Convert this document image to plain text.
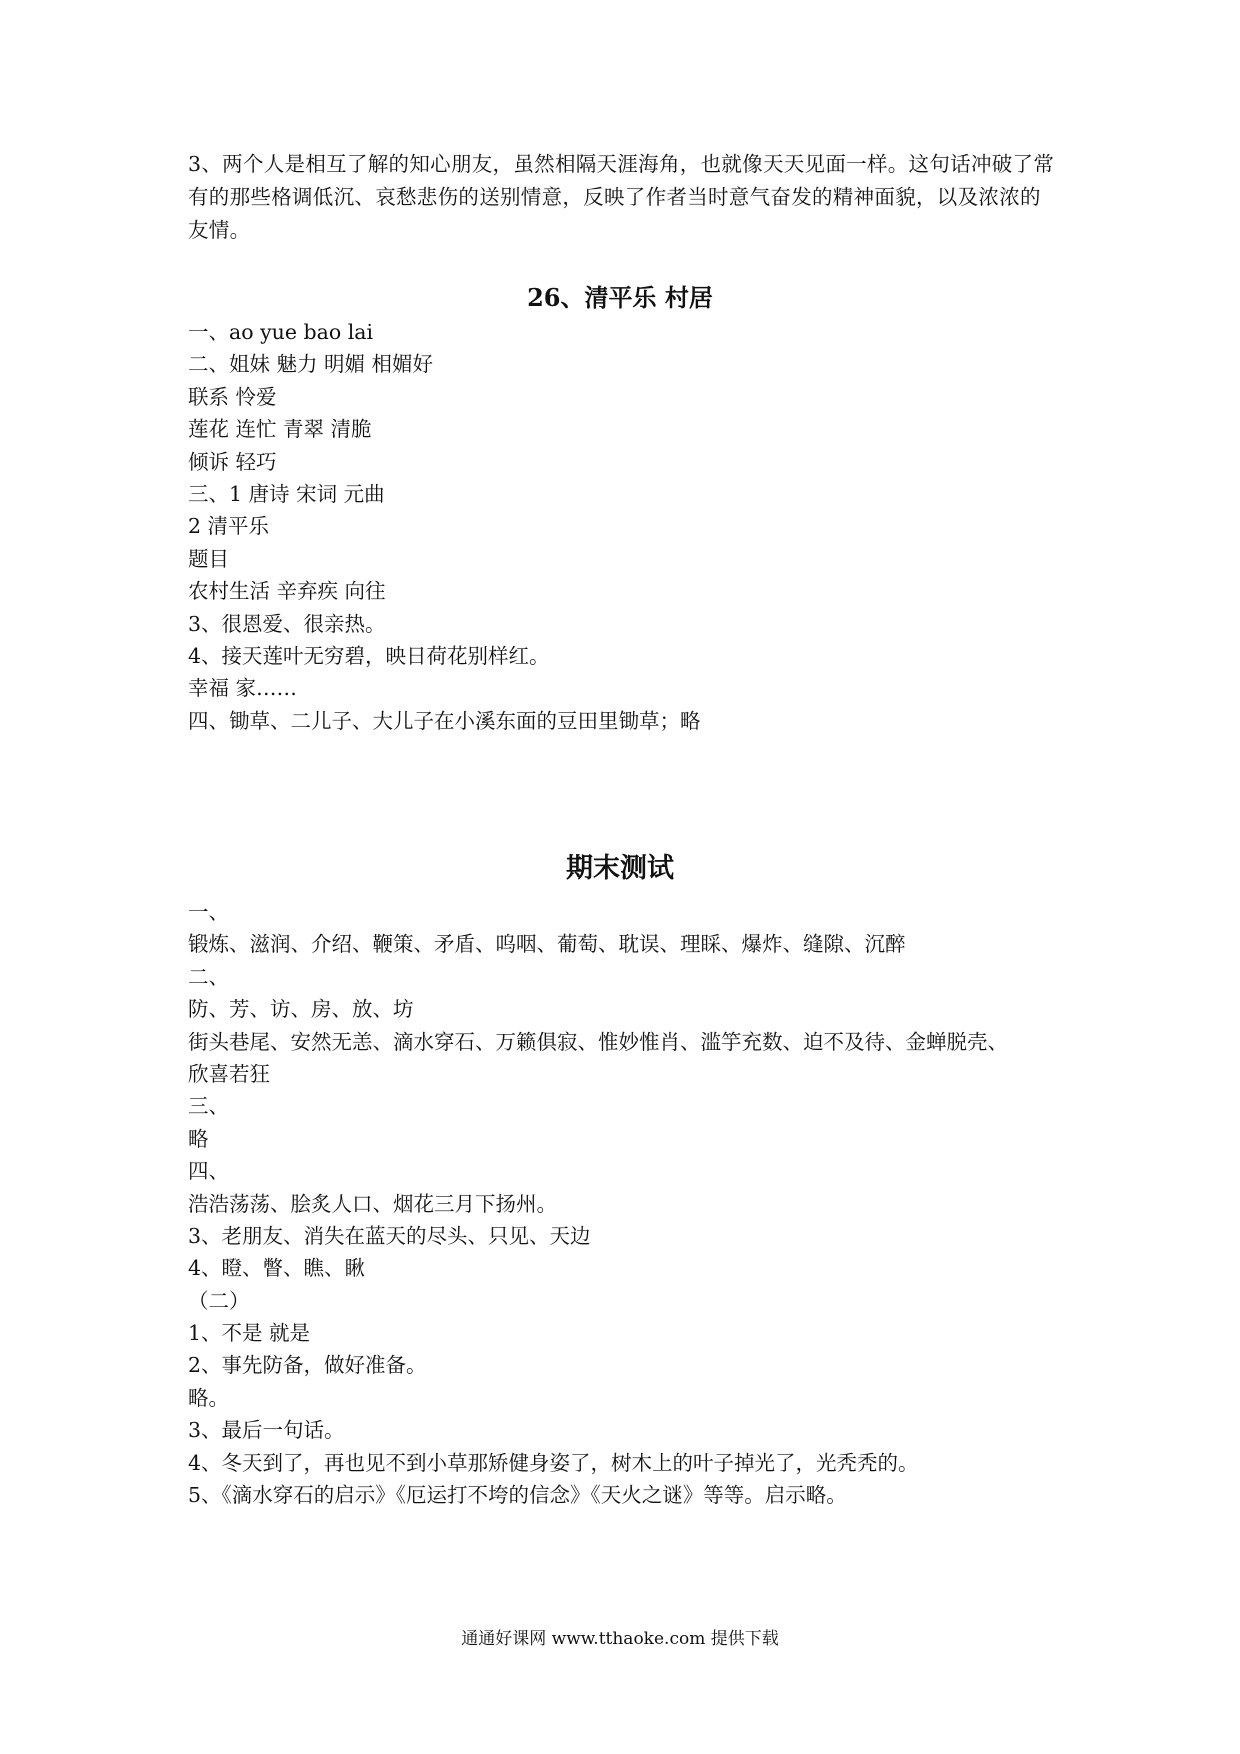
3、两个人是相互了解的知心朋友，虽然相隔天涯海角，也就像天天见面一样。这句话冲破了常有的那些格调低沉、哀愁悲伤的送别情意，反映了作者当时意气奋发的精神面貌，以及浓浓的友情。

26、清平乐 村居
一、ao yue bao lai
二、姐妹 魅力 明媚 相媚好
联系 怜爱
莲花 连忙 青翠 清脆
倾诉 轻巧
三、1 唐诗 宋词 元曲
2 清平乐
题目
农村生活 辛弃疾 向往
3、很恩爱、很亲热。
4、接天莲叶无穷碧，映日荷花别样红。
幸福 家……
四、锄草、二儿子、大儿子在小溪东面的豆田里锄草；略
期末测试
一、
锻炼、滋润、介绍、鞭策、矛盾、呜咽、葡萄、耽误、理睬、爆炸、缝隙、沉醉
二、
防、芳、访、房、放、坊
街头巷尾、安然无恙、滴水穿石、万籁俱寂、惟妙惟肖、滥竽充数、迫不及待、金蝉脱壳、
欣喜若狂
三、
略
四、
浩浩荡荡、脍炙人口、烟花三月下扬州。
3、老朋友、消失在蓝天的尽头、只见、天边
4、瞪、瞥、瞧、瞅
（二）
1、不是 就是
2、事先防备，做好准备。
略。
3、最后一句话。
4、冬天到了，再也见不到小草那矫健身姿了，树木上的叶子掉光了，光秃秃的。
5、《滴水穿石的启示》《厄运打不垮的信念》《天火之谜》等等。启示略。

通通好课网 www.tthaoke.com 提供下载
